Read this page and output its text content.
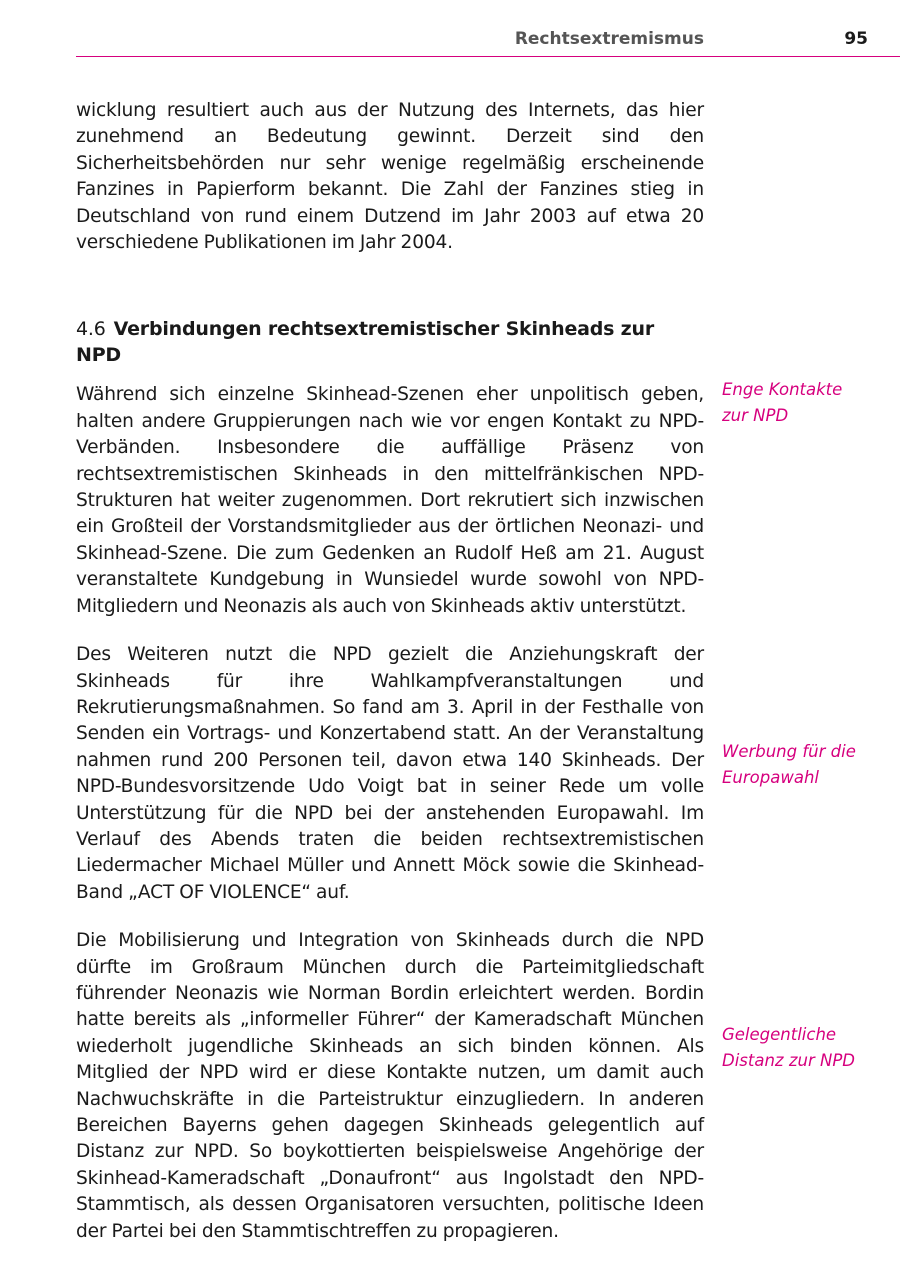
Rechtsextremismus	95

wicklung resultiert auch aus der Nutzung des Internets, das hier zunehmend an Bedeutung gewinnt. Derzeit sind den Sicherheitsbehörden nur sehr wenige regelmäßig erscheinende Fanzines in Papierform bekannt. Die Zahl der Fanzines stieg in Deutschland von rund einem Dutzend im Jahr 2003 auf etwa 20 verschiedene Publikationen im Jahr 2004.

4.6 Verbindungen rechtsextremistischer Skinheads zur NPD

Während sich einzelne Skinhead-Szenen eher unpolitisch geben, halten andere Gruppierungen nach wie vor engen Kontakt zu NPD-Verbänden. Insbesondere die auffällige Präsenz von rechtsextremistischen Skinheads in den mittelfränkischen NPD-Strukturen hat weiter zugenommen. Dort rekrutiert sich inzwischen ein Großteil der Vorstandsmitglieder aus der örtlichen Neonazi- und Skinhead-Szene. Die zum Gedenken an Rudolf Heß am 21. August veranstaltete Kundgebung in Wunsiedel wurde sowohl von NPD-Mitgliedern und Neonazis als auch von Skinheads aktiv unterstützt.

Des Weiteren nutzt die NPD gezielt die Anziehungskraft der Skinheads für ihre Wahlkampfveranstaltungen und Rekrutierungsmaßnahmen. So fand am 3. April in der Festhalle von Senden ein Vortrags- und Konzertabend statt. An der Veranstaltung nahmen rund 200 Personen teil, davon etwa 140 Skinheads. Der NPD-Bundesvorsitzende Udo Voigt bat in seiner Rede um volle Unterstützung für die NPD bei der anstehenden Europawahl. Im Verlauf des Abends traten die beiden rechtsextremistischen Liedermacher Michael Müller und Annett Möck sowie die Skinhead-Band „ACT OF VIOLENCE“ auf.

Die Mobilisierung und Integration von Skinheads durch die NPD dürfte im Großraum München durch die Parteimitgliedschaft führender Neonazis wie Norman Bordin erleichtert werden. Bordin hatte bereits als „informeller Führer“ der Kameradschaft München wiederholt jugendliche Skinheads an sich binden können. Als Mitglied der NPD wird er diese Kontakte nutzen, um damit auch Nachwuchskräfte in die Parteistruktur einzugliedern. In anderen Bereichen Bayerns gehen dagegen Skinheads gelegentlich auf Distanz zur NPD. So boykottierten beispielsweise Angehörige der Skinhead-Kameradschaft „Donaufront“ aus Ingolstadt den NPD-Stammtisch, als dessen Organisatoren versuchten, politische Ideen der Partei bei den Stammtischtreffen zu propagieren.

Enge Kontakte
zur NPD
Werbung für die
Europawahl
Gelegentliche
Distanz zur NPD
